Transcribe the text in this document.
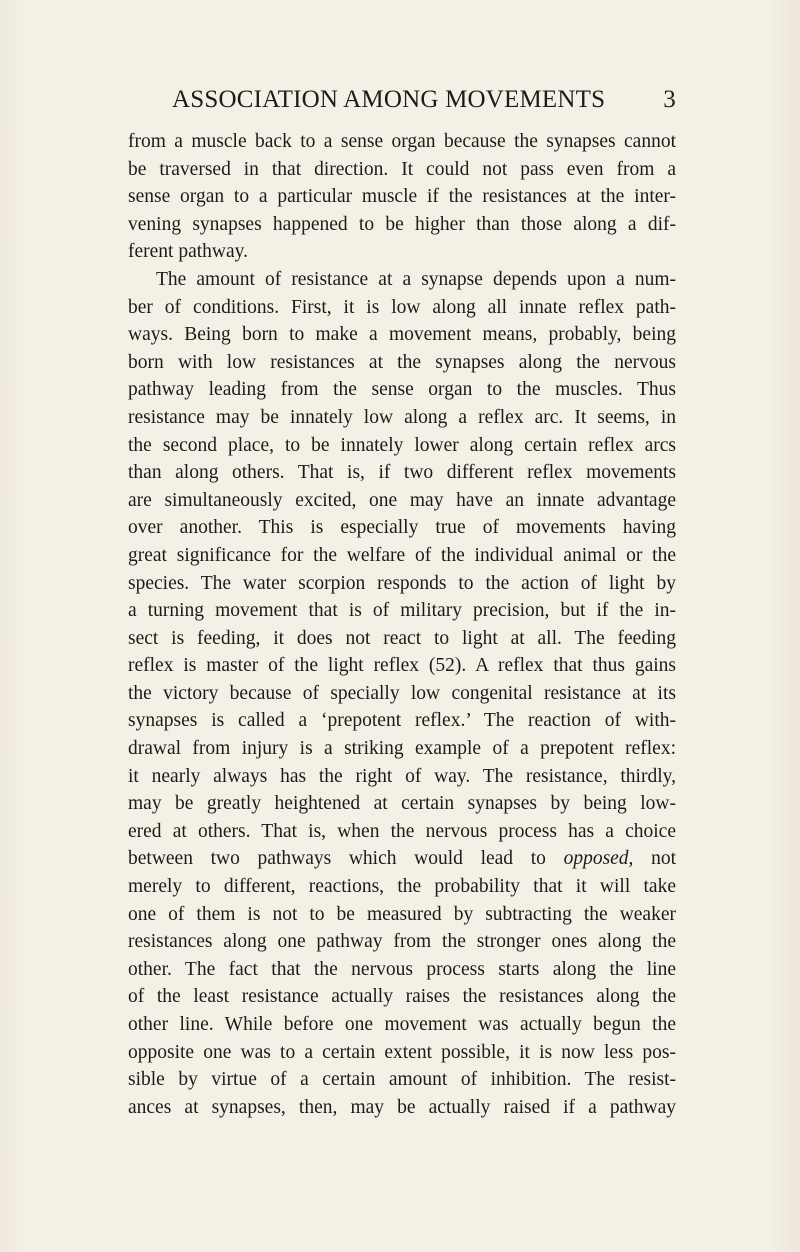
ASSOCIATION AMONG MOVEMENTS 3
from a muscle back to a sense organ because the synapses cannot
be traversed in that direction. It could not pass even from a
sense organ to a particular muscle if the resistances at the inter-
vening synapses happened to be higher than those along a dif-
ferent pathway.
The amount of resistance at a synapse depends upon a num-
ber of conditions. First, it is low along all innate reflex path-
ways. Being born to make a movement means, probably, being
born with low resistances at the synapses along the nervous
pathway leading from the sense organ to the muscles. Thus
resistance may be innately low along a reflex arc. It seems, in
the second place, to be innately lower along certain reflex arcs
than along others. That is, if two different reflex movements
are simultaneously excited, one may have an innate advantage
over another. This is especially true of movements having
great significance for the welfare of the individual animal or the
species. The water scorpion responds to the action of light by
a turning movement that is of military precision, but if the in-
sect is feeding, it does not react to light at all. The feeding
reflex is master of the light reflex (52). A reflex that thus gains
the victory because of specially low congenital resistance at its
synapses is called a ‘prepotent reflex.’ The reaction of with-
drawal from injury is a striking example of a prepotent reflex:
it nearly always has the right of way. The resistance, thirdly,
may be greatly heightened at certain synapses by being low-
ered at others. That is, when the nervous process has a choice
between two pathways which would lead to opposed, not
merely to different, reactions, the probability that it will take
one of them is not to be measured by subtracting the weaker
resistances along one pathway from the stronger ones along the
other. The fact that the nervous process starts along the line
of the least resistance actually raises the resistances along the
other line. While before one movement was actually begun the
opposite one was to a certain extent possible, it is now less pos-
sible by virtue of a certain amount of inhibition. The resist-
ances at synapses, then, may be actually raised if a pathway
